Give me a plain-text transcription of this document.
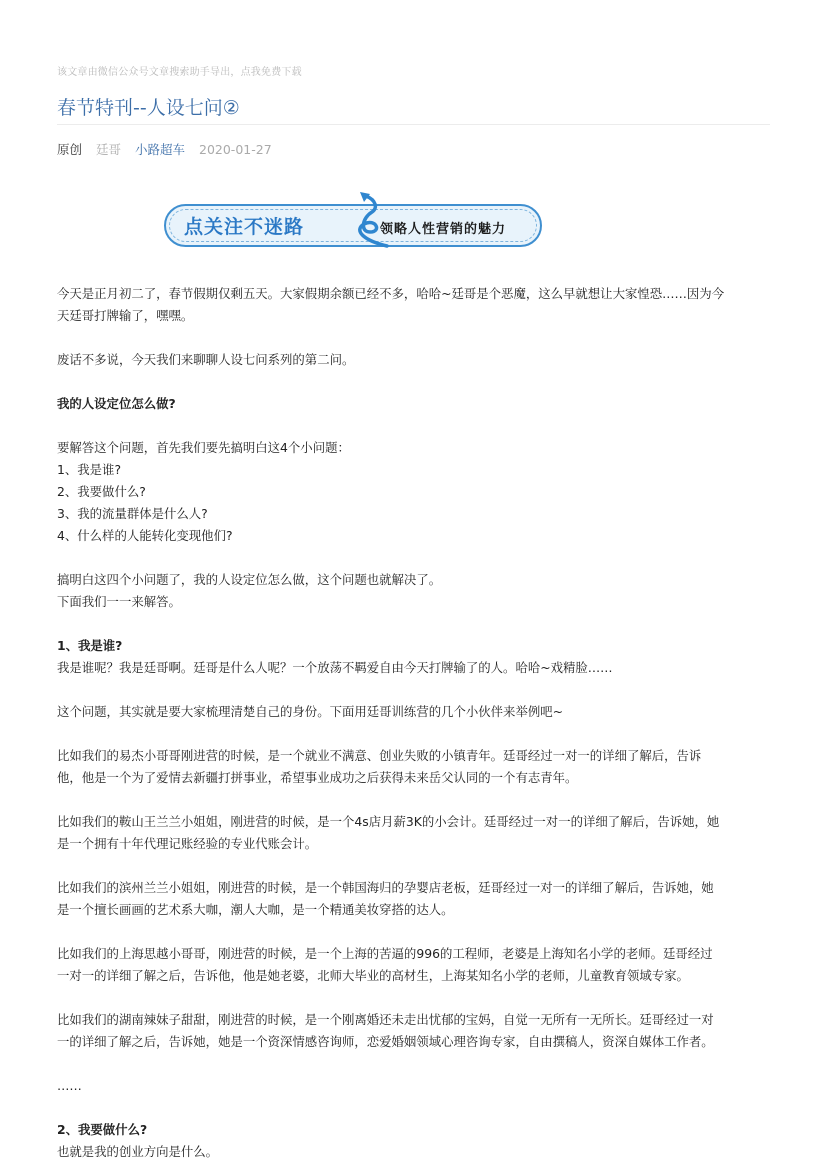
该文章由微信公众号文章搜索助手导出，点我免费下载
春节特刊--人设七问②
原创 廷哥 小路超车 2020-01-27
点关注不迷路	领略人性营销的魅力

今天是正月初二了，春节假期仅剩五天。大家假期余额已经不多，哈哈~廷哥是个恶魔，这么早就想让大家惶恐……因为今

天廷哥打牌输了，嘿嘿。

废话不多说，今天我们来聊聊人设七问系列的第二问。

我的人设定位怎么做?

要解答这个问题，首先我们要先搞明白这4个小问题：

1、我是谁?

2、我要做什么?

3、我的流量群体是什么人?

4、什么样的人能转化变现他们?

搞明白这四个小问题了，我的人设定位怎么做，这个问题也就解决了。

下面我们一一来解答。

1、我是谁?

我是谁呢？我是廷哥啊。廷哥是什么人呢？一个放荡不羁爱自由今天打牌输了的人。哈哈~戏精脸……

这个问题，其实就是要大家梳理清楚自己的身份。下面用廷哥训练营的几个小伙伴来举例吧~

比如我们的易杰小哥哥刚进营的时候，是一个就业不满意、创业失败的小镇青年。廷哥经过一对一的详细了解后，告诉

他，他是一个为了爱情去新疆打拼事业，希望事业成功之后获得未来岳父认同的一个有志青年。

比如我们的鞍山王兰兰小姐姐，刚进营的时候，是一个4s店月薪3K的小会计。廷哥经过一对一的详细了解后，告诉她，她

是一个拥有十年代理记账经验的专业代账会计。

比如我们的滨州兰兰小姐姐，刚进营的时候，是一个韩国海归的孕婴店老板，廷哥经过一对一的详细了解后，告诉她，她

是一个擅长画画的艺术系大咖，潮人大咖，是一个精通美妆穿搭的达人。

比如我们的上海思越小哥哥，刚进营的时候，是一个上海的苦逼的996的工程师，老婆是上海知名小学的老师。廷哥经过

一对一的详细了解之后，告诉他，他是她老婆，北师大毕业的高材生，上海某知名小学的老师，儿童教育领域专家。

比如我们的湖南辣妹子甜甜，刚进营的时候，是一个刚离婚还未走出忧郁的宝妈，自觉一无所有一无所长。廷哥经过一对

一的详细了解之后，告诉她，她是一个资深情感咨询师，恋爱婚姻领域心理咨询专家，自由撰稿人，资深自媒体工作者。

……

2、我要做什么?

也就是我的创业方向是什么。
